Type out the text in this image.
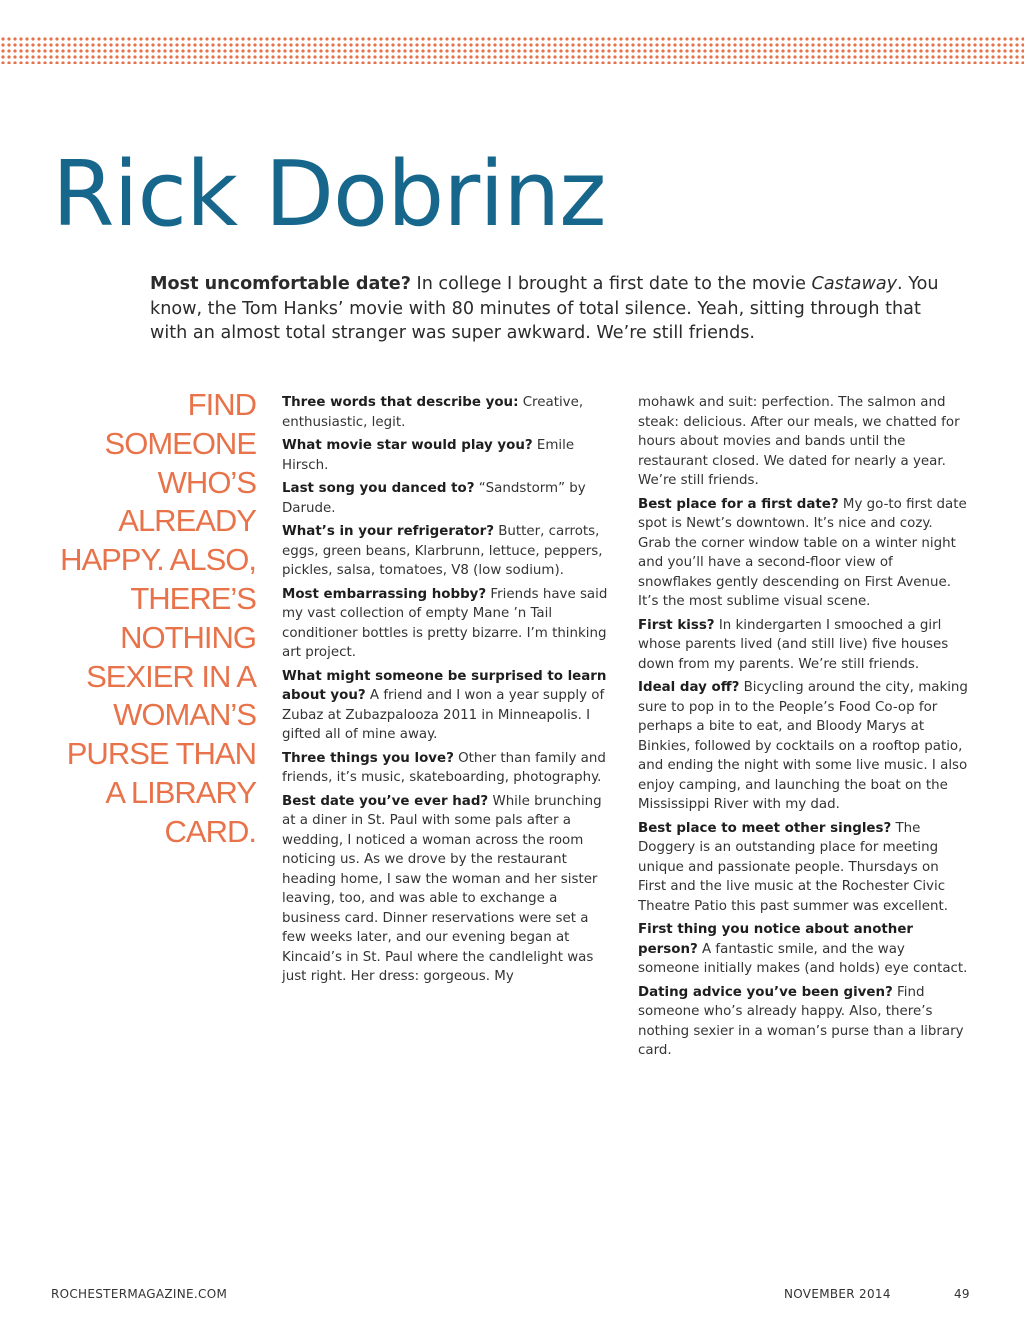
Rick Dobrinz

Most uncomfortable date? In college I brought a first date to the movie Castaway. You know, the Tom Hanks’ movie with 80 minutes of total silence. Yeah, sitting through that with an almost total stranger was super awkward. We’re still friends.

FIND SOMEONE WHO’S ALREADY HAPPY. ALSO, THERE’S NOTHING SEXIER IN A WOMAN’S PURSE THAN A LIBRARY CARD.

Three words that describe you: Creative, enthusiastic, legit.

What movie star would play you? Emile Hirsch.

Last song you danced to? “Sandstorm” by Darude.

What’s in your refrigerator? Butter, carrots, eggs, green beans, Klarbrunn, lettuce, peppers, pickles, salsa, tomatoes, V8 (low sodium).

Most embarrassing hobby? Friends have said my vast collection of empty Mane ’n Tail conditioner bottles is pretty bizarre. I’m thinking art project.

What might someone be surprised to learn about you? A friend and I won a year supply of Zubaz at Zubazpalooza 2011 in Minneapolis. I gifted all of mine away.

Three things you love? Other than family and friends, it’s music, skateboarding, photography.

Best date you’ve ever had? While brunching at a diner in St. Paul with some pals after a wedding, I noticed a woman across the room noticing us. As we drove by the restaurant heading home, I saw the woman and her sister leaving, too, and was able to exchange a business card. Dinner reservations were set a few weeks later, and our evening began at Kincaid’s in St. Paul where the candlelight was just right. Her dress: gorgeous. My

mohawk and suit: perfection. The salmon and steak: delicious. After our meals, we chatted for hours about movies and bands until the restaurant closed. We dated for nearly a year. We’re still friends.

Best place for a first date? My go-to first date spot is Newt’s downtown. It’s nice and cozy. Grab the corner window table on a winter night and you’ll have a second-floor view of snowflakes gently descending on First Avenue. It’s the most sublime visual scene.

First kiss? In kindergarten I smooched a girl whose parents lived (and still live) five houses down from my parents. We’re still friends.

Ideal day off? Bicycling around the city, making sure to pop in to the People’s Food Co-op for perhaps a bite to eat, and Bloody Marys at Binkies, followed by cocktails on a rooftop patio, and ending the night with some live music. I also enjoy camping, and launching the boat on the Mississippi River with my dad.

Best place to meet other singles? The Doggery is an outstanding place for meeting unique and passionate people. Thursdays on First and the live music at the Rochester Civic Theatre Patio this past summer was excellent.

First thing you notice about another person? A fantastic smile, and the way someone initially makes (and holds) eye contact.

Dating advice you’ve been given? Find someone who’s already happy. Also, there’s nothing sexier in a woman’s purse than a library card.

ROCHESTERMAGAZINE.COM	NOVEMBER 2014	49
